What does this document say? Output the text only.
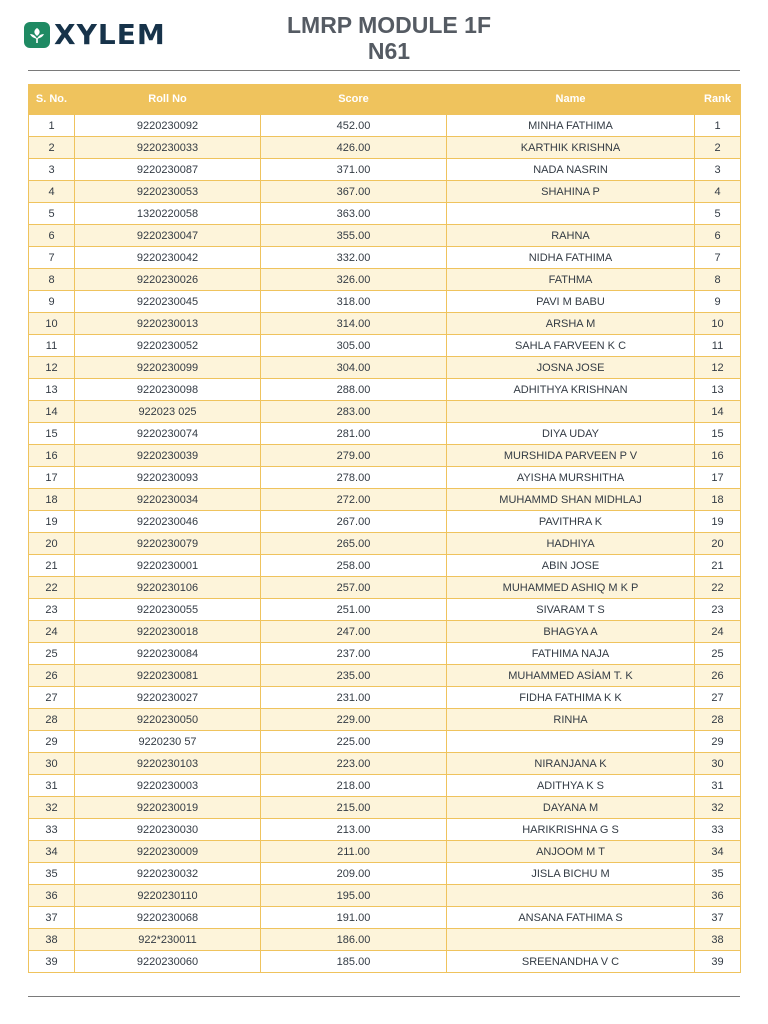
XYLEM	LMRP MODULE 1F
N61
S. No.	Roll No	Score	Name	Rank
1	9220230092	452.00	MINHA FATHIMA	1
2	9220230033	426.00	KARTHIK KRISHNA	2
3	9220230087	371.00	NADA NASRIN	3
4	9220230053	367.00	SHAHINA P	4
5	1320220058	363.00		5
6	9220230047	355.00	RAHNA	6
7	9220230042	332.00	NIDHA FATHIMA	7
8	9220230026	326.00	FATHMA	8
9	9220230045	318.00	PAVI M BABU	9
10	9220230013	314.00	ARSHA M	10
11	9220230052	305.00	SAHLA FARVEEN K C	11
12	9220230099	304.00	JOSNA JOSE	12
13	9220230098	288.00	ADHITHYA KRISHNAN	13
14	922023 025	283.00		14
15	9220230074	281.00	DIYA UDAY	15
16	9220230039	279.00	MURSHIDA PARVEEN P V	16
17	9220230093	278.00	AYISHA MURSHITHA	17
18	9220230034	272.00	MUHAMMD SHAN MIDHLAJ	18
19	9220230046	267.00	PAVITHRA K	19
20	9220230079	265.00	HADHIYA	20
21	9220230001	258.00	ABIN JOSE	21
22	9220230106	257.00	MUHAMMED ASHIQ M K P	22
23	9220230055	251.00	SIVARAM T S	23
24	9220230018	247.00	BHAGYA A	24
25	9220230084	237.00	FATHIMA NAJA	25
26	9220230081	235.00	MUHAMMED ASİAM T. K	26
27	9220230027	231.00	FIDHA FATHIMA K K	27
28	9220230050	229.00	RINHA	28
29	9220230 57	225.00		29
30	9220230103	223.00	NIRANJANA K	30
31	9220230003	218.00	ADITHYA K S	31
32	9220230019	215.00	DAYANA M	32
33	9220230030	213.00	HARIKRISHNA G S	33
34	9220230009	211.00	ANJOOM M T	34
35	9220230032	209.00	JISLA BICHU M	35
36	9220230110	195.00		36
37	9220230068	191.00	ANSANA FATHIMA S	37
38	922*230011	186.00		38
39	9220230060	185.00	SREENANDHA V C	39
